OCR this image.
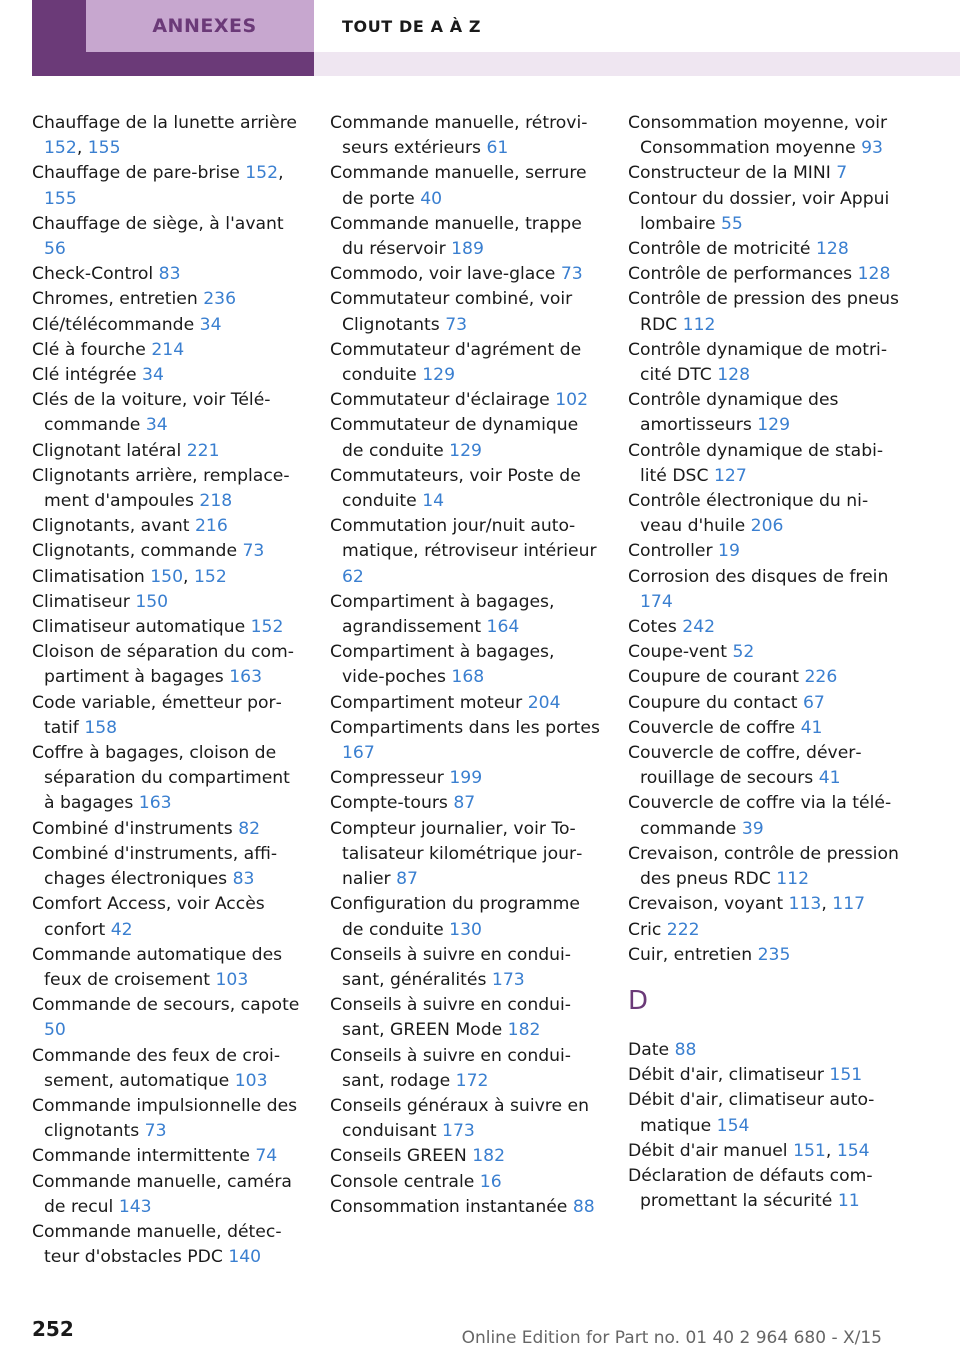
ANNEXES	TOUT DE A À Z
Chauffage de la lunette arrière 152, 155
Chauffage de pare-brise 152, 155
Chauffage de siège, à l'avant 56
Check-Control 83
Chromes, entretien 236
Clé/télécommande 34
Clé à fourche 214
Clé intégrée 34
Clés de la voiture, voir Télécommande 34
Clignotant latéral 221
Clignotants arrière, remplacement d'ampoules 218
Clignotants, avant 216
Clignotants, commande 73
Climatisation 150, 152
Climatiseur 150
Climatiseur automatique 152
Cloison de séparation du compartiment à bagages 163
Code variable, émetteur portatif 158
Coffre à bagages, cloison de séparation du compartiment à bagages 163
Combiné d'instruments 82
Combiné d'instruments, affichages électroniques 83
Comfort Access, voir Accès confort 42
Commande automatique des feux de croisement 103
Commande de secours, capote 50
Commande des feux de croisement, automatique 103
Commande impulsionnelle des clignotants 73
Commande intermittente 74
Commande manuelle, caméra de recul 143
Commande manuelle, détecteur d'obstacles PDC 140
Commande manuelle, rétroviseurs extérieurs 61
Commande manuelle, serrure de porte 40
Commande manuelle, trappe du réservoir 189
Commodo, voir lave-glace 73
Commutateur combiné, voir Clignotants 73
Commutateur d'agrément de conduite 129
Commutateur d'éclairage 102
Commutateur de dynamique de conduite 129
Commutateurs, voir Poste de conduite 14
Commutation jour/nuit automatique, rétroviseur intérieur 62
Compartiment à bagages, agrandissement 164
Compartiment à bagages, vide-poches 168
Compartiment moteur 204
Compartiments dans les portes 167
Compresseur 199
Compte-tours 87
Compteur journalier, voir Totalisateur kilométrique journalier 87
Configuration du programme de conduite 130
Conseils à suivre en conduisant, généralités 173
Conseils à suivre en conduisant, GREEN Mode 182
Conseils à suivre en conduisant, rodage 172
Conseils généraux à suivre en conduisant 173
Conseils GREEN 182
Console centrale 16
Consommation instantanée 88
Consommation moyenne, voir Consommation moyenne 93
Constructeur de la MINI 7
Contour du dossier, voir Appui lombaire 55
Contrôle de motricité 128
Contrôle de performances 128
Contrôle de pression des pneus RDC 112
Contrôle dynamique de motricité DTC 128
Contrôle dynamique des amortisseurs 129
Contrôle dynamique de stabilité DSC 127
Contrôle électronique du niveau d'huile 206
Controller 19
Corrosion des disques de frein 174
Cotes 242
Coupe-vent 52
Coupure de courant 226
Coupure du contact 67
Couvercle de coffre 41
Couvercle de coffre, déverrouillage de secours 41
Couvercle de coffre via la télécommande 39
Crevaison, contrôle de pression des pneus RDC 112
Crevaison, voyant 113, 117
Cric 222
Cuir, entretien 235
D
Date 88
Débit d'air, climatiseur 151
Débit d'air, climatiseur automatique 154
Débit d'air manuel 151, 154
Déclaration de défauts compromettant la sécurité 11
252	Online Edition for Part no. 01 40 2 964 680 - X/15
